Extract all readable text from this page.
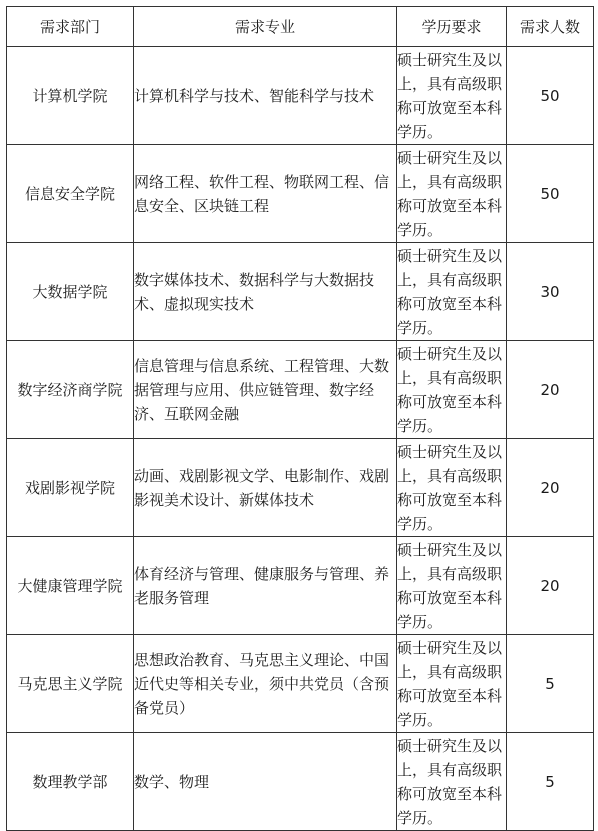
需求部门	需求专业	学历要求	需求人数
计算机学院	计算机科学与技术、智能科学与技术	硕士研究生及以上，具有高级职称可放宽至本科学历。	50
信息安全学院	网络工程、软件工程、物联网工程、信息安全、区块链工程	硕士研究生及以上，具有高级职称可放宽至本科学历。	50
大数据学院	数字媒体技术、数据科学与大数据技术、虚拟现实技术	硕士研究生及以上，具有高级职称可放宽至本科学历。	30
数字经济商学院	信息管理与信息系统、工程管理、大数据管理与应用、供应链管理、数字经济、互联网金融	硕士研究生及以上，具有高级职称可放宽至本科学历。	20
戏剧影视学院	动画、戏剧影视文学、电影制作、戏剧影视美术设计、新媒体技术	硕士研究生及以上，具有高级职称可放宽至本科学历。	20
大健康管理学院	体育经济与管理、健康服务与管理、养老服务管理	硕士研究生及以上，具有高级职称可放宽至本科学历。	20
马克思主义学院	思想政治教育、马克思主义理论、中国近代史等相关专业，须中共党员（含预备党员）	硕士研究生及以上，具有高级职称可放宽至本科学历。	5
数理教学部	数学、物理	硕士研究生及以上，具有高级职称可放宽至本科学历。	5
